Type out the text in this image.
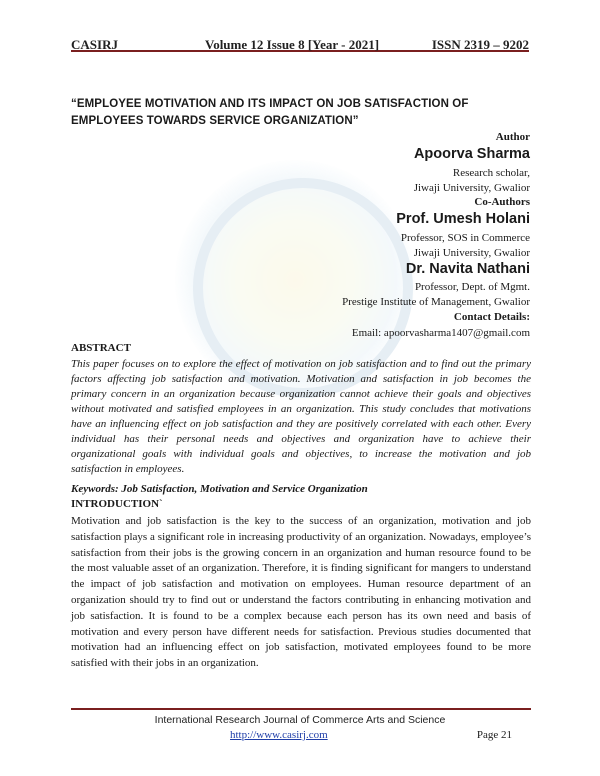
CASIRJ	Volume 12 Issue 8 [Year - 2021]	ISSN 2319 – 9202
“EMPLOYEE MOTIVATION AND ITS IMPACT ON JOB SATISFACTION OF EMPLOYEES TOWARDS SERVICE ORGANIZATION”
Author
Apoorva Sharma
Research scholar,
Jiwaji University, Gwalior
Co-Authors
Prof. Umesh Holani
Professor, SOS in Commerce
Jiwaji University, Gwalior
Dr. Navita Nathani
Professor, Dept. of Mgmt.
Prestige Institute of Management, Gwalior
Contact Details:
Email: apoorvasharma1407@gmail.com
ABSTRACT
This paper focuses on to explore the effect of motivation on job satisfaction and to find out the primary factors affecting job satisfaction and motivation. Motivation and satisfaction in job becomes the primary concern in an organization because organization cannot achieve their goals and objectives without motivated and satisfied employees in an organization. This study concludes that motivations have an influencing effect on job satisfaction and they are positively correlated with each other. Every individual has their personal needs and objectives and organization have to achieve their organizational goals with individual goals and objectives, to increase the motivation and job satisfaction in employees.
Keywords: Job Satisfaction, Motivation and Service Organization
INTRODUCTION`
Motivation and job satisfaction is the key to the success of an organization, motivation and job satisfaction plays a significant role in increasing productivity of an organization. Nowadays, employee’s satisfaction from their jobs is the growing concern in an organization and human resource found to be the most valuable asset of an organization. Therefore, it is finding significant for mangers to understand the impact of job satisfaction and motivation on employees. Human resource department of an organization should try to find out or understand the factors contributing in enhancing motivation and job satisfaction. It is found to be a complex because each person has its own need and basis of motivation and every person have different needs for satisfaction. Previous studies documented that motivation had an influencing effect on job satisfaction, motivated employees found to be more satisfied with their jobs in an organization.
International Research Journal of Commerce Arts and Science
http://www.casirj.com	Page 21
